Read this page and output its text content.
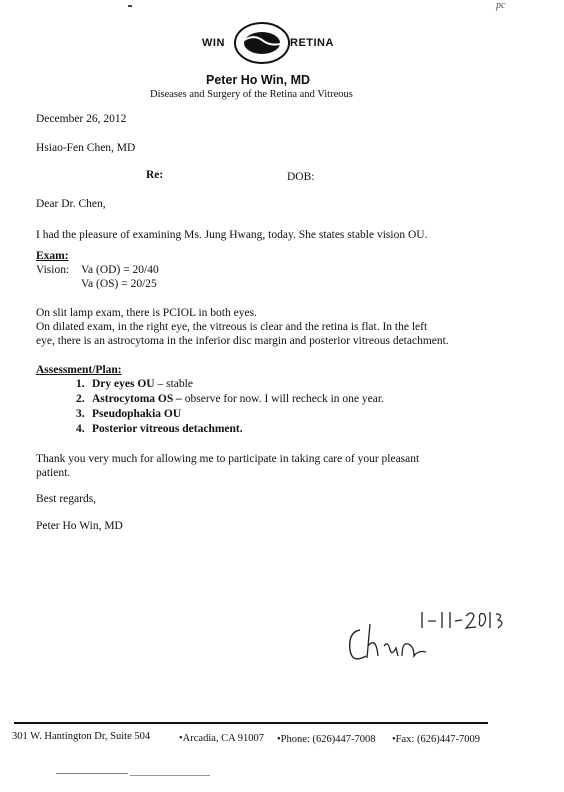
pc
WIN	RETINA
Peter Ho Win, MD
Diseases and Surgery of the Retina and Vitreous
December 26, 2012
Hsiao-Fen Chen, MD
Re:	DOB:
Dear Dr. Chen,
I had the pleasure of examining Ms. Jung Hwang, today. She states stable vision OU.
Exam:
Vision: Va (OD) = 20/40
Va (OS) = 20/25
On slit lamp exam, there is PCIOL in both eyes.
On dilated exam, in the right eye, the vitreous is clear and the retina is flat. In the left
eye, there is an astrocytoma in the inferior disc margin and posterior vitreous detachment.
Assessment/Plan:
1. Dry eyes OU – stable
2. Astrocytoma OS – observe for now. I will recheck in one year.
3. Pseudophakia OU
4. Posterior vitreous detachment.
Thank you very much for allowing me to participate in taking care of your pleasant
patient.
Best regards,
Peter Ho Win, MD
301 W. Hantington Dr, Suite 504	•Arcadia, CA 91007 •Phone: (626)447-7008 •Fax: (626)447-7009
